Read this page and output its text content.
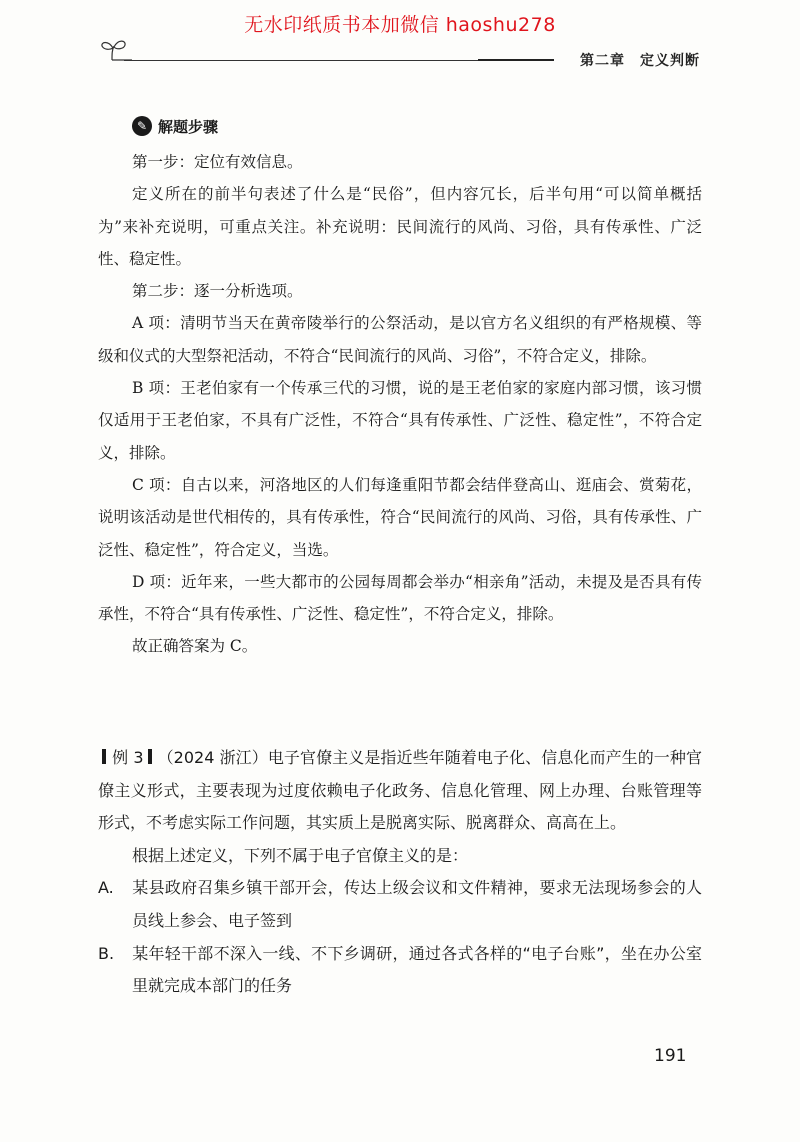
无水印纸质书本加微信 haoshu278
第二章　定义判断
✎ 解题步骤

第一步：定位有效信息。

定义所在的前半句表述了什么是“民俗”，但内容冗长，后半句用“可以简单概括为”来补充说明，可重点关注。补充说明：民间流行的风尚、习俗，具有传承性、广泛性、稳定性。

第二步：逐一分析选项。

A 项：清明节当天在黄帝陵举行的公祭活动，是以官方名义组织的有严格规模、等级和仪式的大型祭祀活动，不符合“民间流行的风尚、习俗”，不符合定义，排除。

B 项：王老伯家有一个传承三代的习惯，说的是王老伯家的家庭内部习惯，该习惯仅适用于王老伯家，不具有广泛性，不符合“具有传承性、广泛性、稳定性”，不符合定义，排除。

C 项：自古以来，河洛地区的人们每逢重阳节都会结伴登高山、逛庙会、赏菊花，说明该活动是世代相传的，具有传承性，符合“民间流行的风尚、习俗，具有传承性、广泛性、稳定性”，符合定义，当选。

D 项：近年来，一些大都市的公园每周都会举办“相亲角”活动，未提及是否具有传承性，不符合“具有传承性、广泛性、稳定性”，不符合定义，排除。

故正确答案为 C。

例 3 （2024 浙江）电子官僚主义是指近些年随着电子化、信息化而产生的一种官僚主义形式，主要表现为过度依赖电子化政务、信息化管理、网上办理、台账管理等形式，不考虑实际工作问题，其实质上是脱离实际、脱离群众、高高在上。

根据上述定义，下列不属于电子官僚主义的是：

A. 某县政府召集乡镇干部开会，传达上级会议和文件精神，要求无法现场参会的人员线上参会、电子签到

B. 某年轻干部不深入一线、不下乡调研，通过各式各样的“电子台账”，坐在办公室里就完成本部门的任务

191
